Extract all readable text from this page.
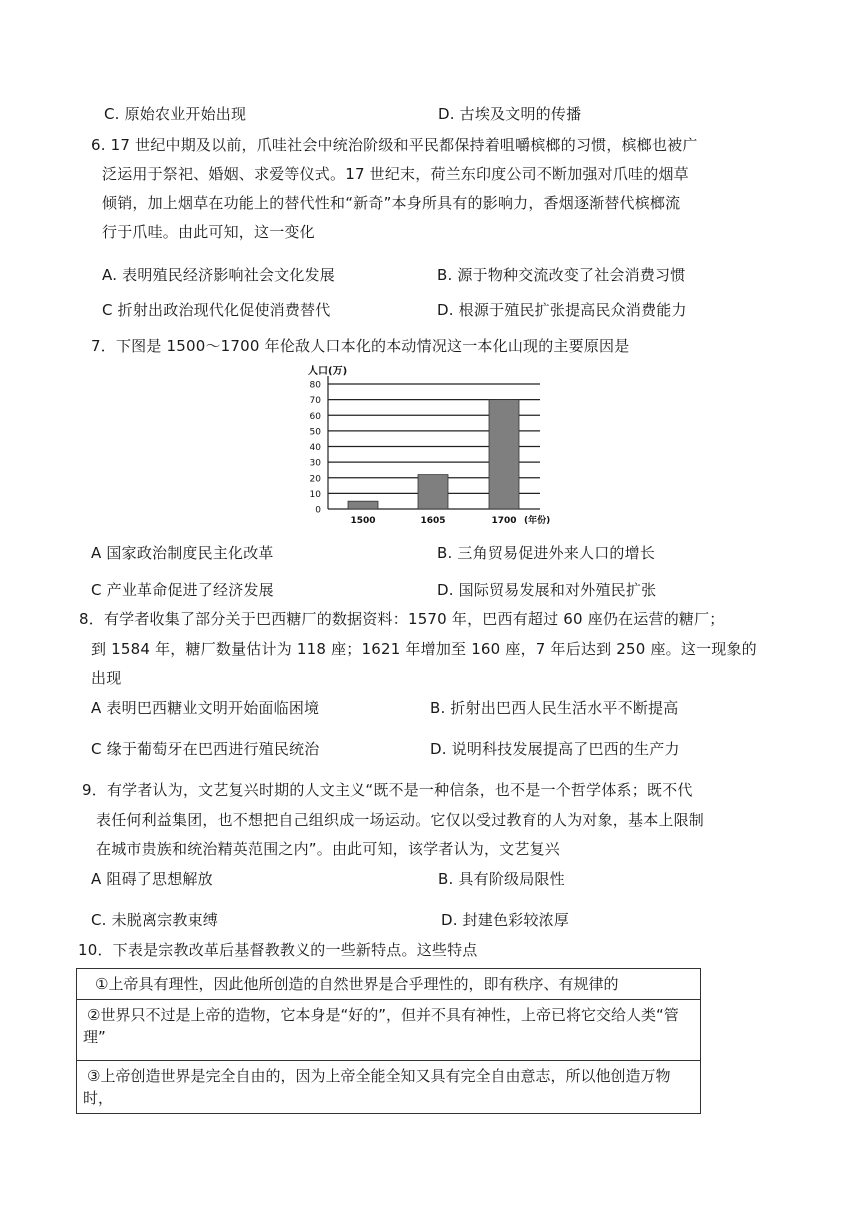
C. 原始农业开始出现	D. 古埃及文明的传播
6. 17 世纪中期及以前，爪哇社会中统治阶级和平民都保持着咀嚼槟榔的习惯，槟榔也被广
泛运用于祭祀、婚姻、求爱等仪式。17 世纪末，荷兰东印度公司不断加强对爪哇的烟草
倾销，加上烟草在功能上的替代性和“新奇”本身所具有的影响力，香烟逐渐替代槟榔流
行于爪哇。由此可知，这一变化
A. 表明殖民经济影响社会文化发展	B. 源于物种交流改变了社会消费习惯
C 折射出政治现代化促使消费替代	D. 根源于殖民扩张提高民众消费能力
7．下图是 1500～1700 年伦敌人口本化的本动情况这一本化山现的主要原因是
0
10
20
30
40
50
60
70
80
人口(万)
1500	1605	1700 (年份)
A 国家政治制度民主化改革	B. 三角贸易促进外来人口的增长
C 产业革命促进了经济发展	D. 国际贸易发展和对外殖民扩张
8．有学者收集了部分关于巴西糖厂的数据资料：1570 年，巴西有超过 60 座仍在运营的糖厂；
到 1584 年，糖厂数量估计为 118 座；1621 年增加至 160 座，7 年后达到 250 座。这一现象的
出现
A 表明巴西糖业文明开始面临困境	B. 折射出巴西人民生活水平不断提高
C 缘于葡萄牙在巴西进行殖民统治	D. 说明科技发展提高了巴西的生产力
9．有学者认为，文艺复兴时期的人文主义“既不是一种信条，也不是一个哲学体系；既不代
表任何利益集团，也不想把自己组织成一场运动。它仅以受过教育的人为对象，基本上限制
在城市贵族和统治精英范围之内”。由此可知，该学者认为，文艺复兴
A 阻碍了思想解放	B. 具有阶级局限性
C. 未脱离宗教束缚	D. 封建色彩较浓厚
10．下表是宗教改革后基督教教义的一些新特点。这些特点
①上帝具有理性，因此他所创造的自然世界是合乎理性的，即有秩序、有规律的
②世界只不过是上帝的造物，它本身是“好的”，但并不具有神性，上帝已将它交给人类“管理”
③上帝创造世界是完全自由的，因为上帝全能全知又具有完全自由意志，所以他创造万物时，
